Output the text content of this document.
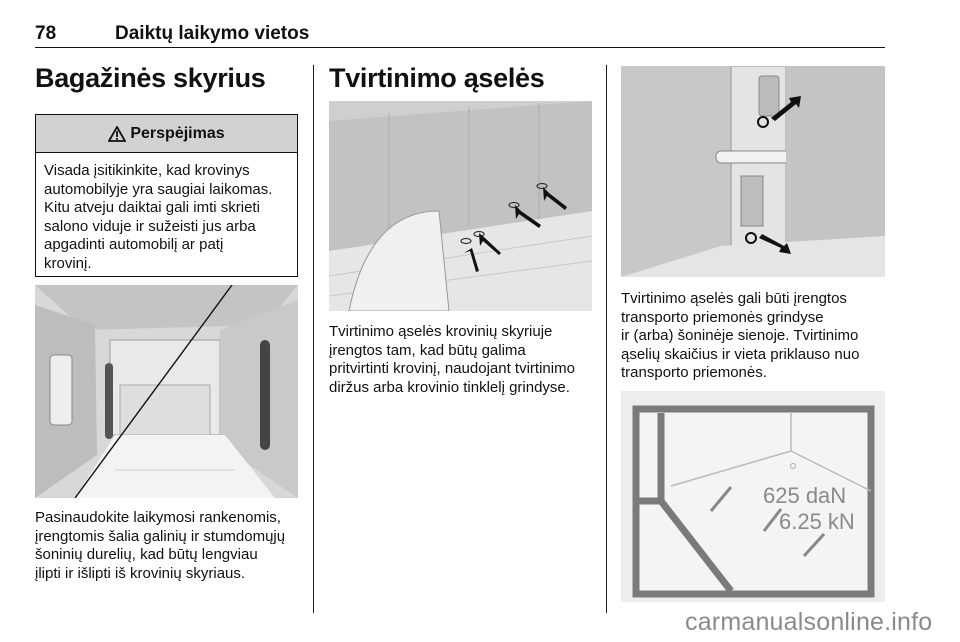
78	Daiktų laikymo vietos
Bagažinės skyrius
Perspėjimas
Visada įsitikinkite, kad krovinys
automobilyje yra saugiai laikomas.
Kitu atveju daiktai gali imti skrieti
salono viduje ir sužeisti jus arba
apgadinti automobilį ar patį
krovinį.
Pasinaudokite laikymosi rankenomis,
įrengtomis šalia galinių ir stumdomųjų
šoninių durelių, kad būtų lengviau
įlipti ir išlipti iš krovinių skyriaus.
Tvirtinimo ąselės
Tvirtinimo ąselės krovinių skyriuje
įrengtos tam, kad būtų galima
pritvirtinti krovinį, naudojant tvirtinimo
diržus arba krovinio tinklelį grindyse.
Tvirtinimo ąselės gali būti įrengtos
transporto priemonės grindyse
ir (arba) šoninėje sienoje. Tvirtinimo
ąselių skaičius ir vieta priklauso nuo
transporto priemonės.
625 daN
6.25 kN
carmanualsonline.info
